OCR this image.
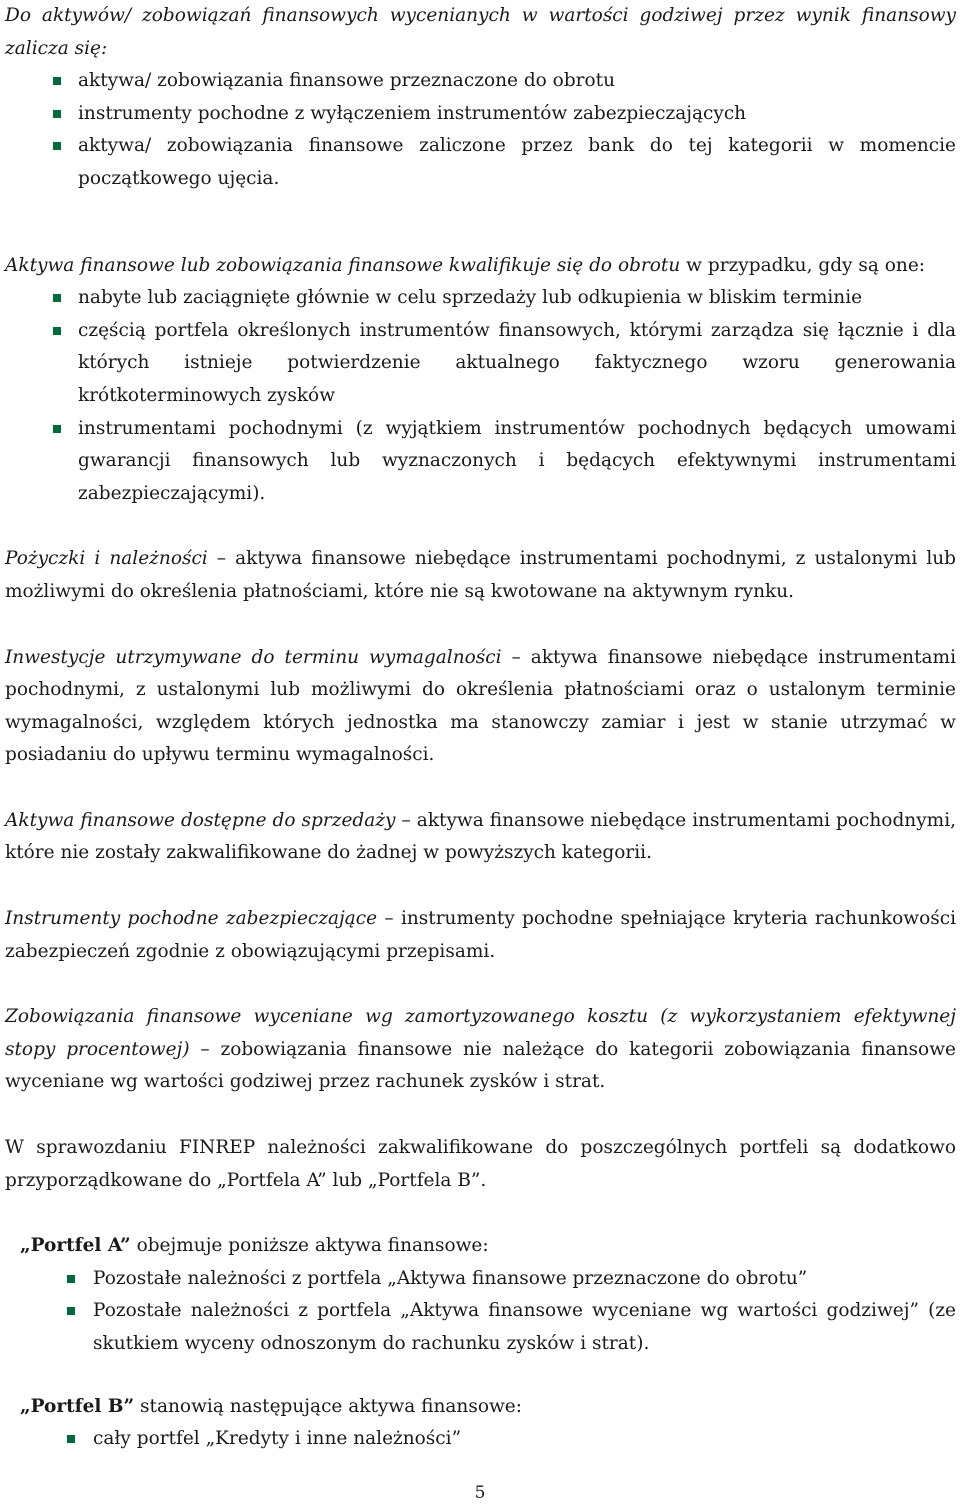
Do aktywów/ zobowiązań finansowych wycenianych w wartości godziwej przez wynik finansowy zalicza się:

aktywa/ zobowiązania finansowe przeznaczone do obrotu
instrumenty pochodne z wyłączeniem instrumentów zabezpieczających
aktywa/ zobowiązania finansowe zaliczone przez bank do tej kategorii w momencie początkowego ujęcia.

Aktywa finansowe lub zobowiązania finansowe kwalifikuje się do obrotu w przypadku, gdy są one:

nabyte lub zaciągnięte głównie w celu sprzedaży lub odkupienia w bliskim terminie
częścią portfela określonych instrumentów finansowych, którymi zarządza się łącznie i dla których istnieje potwierdzenie aktualnego faktycznego wzoru generowania krótkoterminowych zysków
instrumentami pochodnymi (z wyjątkiem instrumentów pochodnych będących umowami gwarancji finansowych lub wyznaczonych i będących efektywnymi instrumentami zabezpieczającymi).

Pożyczki i należności – aktywa finansowe niebędące instrumentami pochodnymi, z ustalonymi lub możliwymi do określenia płatnościami, które nie są kwotowane na aktywnym rynku.

Inwestycje utrzymywane do terminu wymagalności – aktywa finansowe niebędące instrumentami pochodnymi, z ustalonymi lub możliwymi do określenia płatnościami oraz o ustalonym terminie wymagalności, względem których jednostka ma stanowczy zamiar i jest w stanie utrzymać w posiadaniu do upływu terminu wymagalności.

Aktywa finansowe dostępne do sprzedaży – aktywa finansowe niebędące instrumentami pochodnymi, które nie zostały zakwalifikowane do żadnej w powyższych kategorii.

Instrumenty pochodne zabezpieczające – instrumenty pochodne spełniające kryteria rachunkowości zabezpieczeń zgodnie z obowiązującymi przepisami.

Zobowiązania finansowe wyceniane wg zamortyzowanego kosztu (z wykorzystaniem efektywnej stopy procentowej) – zobowiązania finansowe nie należące do kategorii zobowiązania finansowe wyceniane wg wartości godziwej przez rachunek zysków i strat.

W sprawozdaniu FINREP należności zakwalifikowane do poszczególnych portfeli są dodatkowo przyporządkowane do „Portfela A” lub „Portfela B”.

„Portfel A” obejmuje poniższe aktywa finansowe:

Pozostałe należności z portfela „Aktywa finansowe przeznaczone do obrotu”
Pozostałe należności z portfela „Aktywa finansowe wyceniane wg wartości godziwej” (ze skutkiem wyceny odnoszonym do rachunku zysków i strat).

„Portfel B” stanowią następujące aktywa finansowe:

cały portfel „Kredyty i inne należności”
5
